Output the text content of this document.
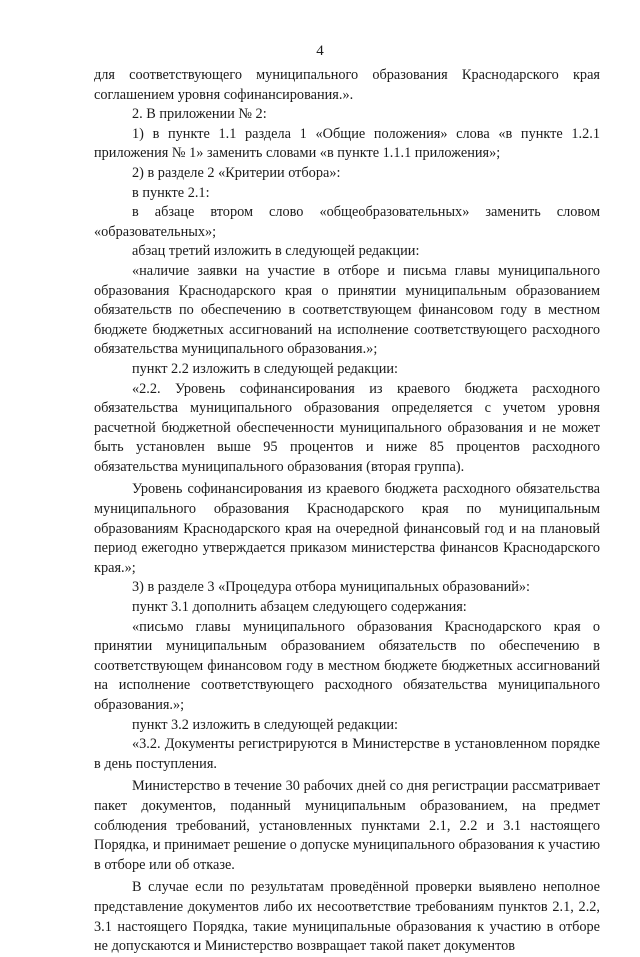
4

для соответствующего муниципального образования Краснодарского края соглашением уровня софинансирования.».

2. В приложении № 2:

1) в пункте 1.1 раздела 1 «Общие положения» слова «в пункте 1.2.1 приложения № 1» заменить словами «в пункте 1.1.1 приложения»;

2) в разделе 2 «Критерии отбора»:

в пункте 2.1:

в абзаце втором слово «общеобразовательных» заменить словом «образовательных»;

абзац третий изложить в следующей редакции:

«наличие заявки на участие в отборе и письма главы муниципального образования Краснодарского края о принятии муниципальным образованием обязательств по обеспечению в соответствующем финансовом году в местном бюджете бюджетных ассигнований на исполнение соответствующего расходного обязательства муниципального образования.»;

пункт 2.2 изложить в следующей редакции:

«2.2. Уровень софинансирования из краевого бюджета расходного обязательства муниципального образования определяется с учетом уровня расчетной бюджетной обеспеченности муниципального образования и не может быть установлен выше 95 процентов и ниже 85 процентов расходного обязательства муниципального образования (вторая группа).

Уровень софинансирования из краевого бюджета расходного обязательства муниципального образования Краснодарского края по муниципальным образованиям Краснодарского края на очередной финансовый год и на плановый период ежегодно утверждается приказом министерства финансов Краснодарского края.»;

3) в разделе 3 «Процедура отбора муниципальных образований»:

пункт 3.1 дополнить абзацем следующего содержания:

«письмо главы муниципального образования Краснодарского края о принятии муниципальным образованием обязательств по обеспечению в соответствующем финансовом году в местном бюджете бюджетных ассигнований на исполнение соответствующего расходного обязательства муниципального образования.»;

пункт 3.2 изложить в следующей редакции:

«3.2. Документы регистрируются в Министерстве в установленном порядке в день поступления.

Министерство в течение 30 рабочих дней со дня регистрации рассматривает пакет документов, поданный муниципальным образованием, на предмет соблюдения требований, установленных пунктами 2.1, 2.2 и 3.1 настоящего Порядка, и принимает решение о допуске муниципального образования к участию в отборе или об отказе.

В случае если по результатам проведённой проверки выявлено неполное представление документов либо их несоответствие требованиям пунктов 2.1, 2.2, 3.1 настоящего Порядка, такие муниципальные образования к участию в отборе не допускаются и Министерство возвращает такой пакет документов
